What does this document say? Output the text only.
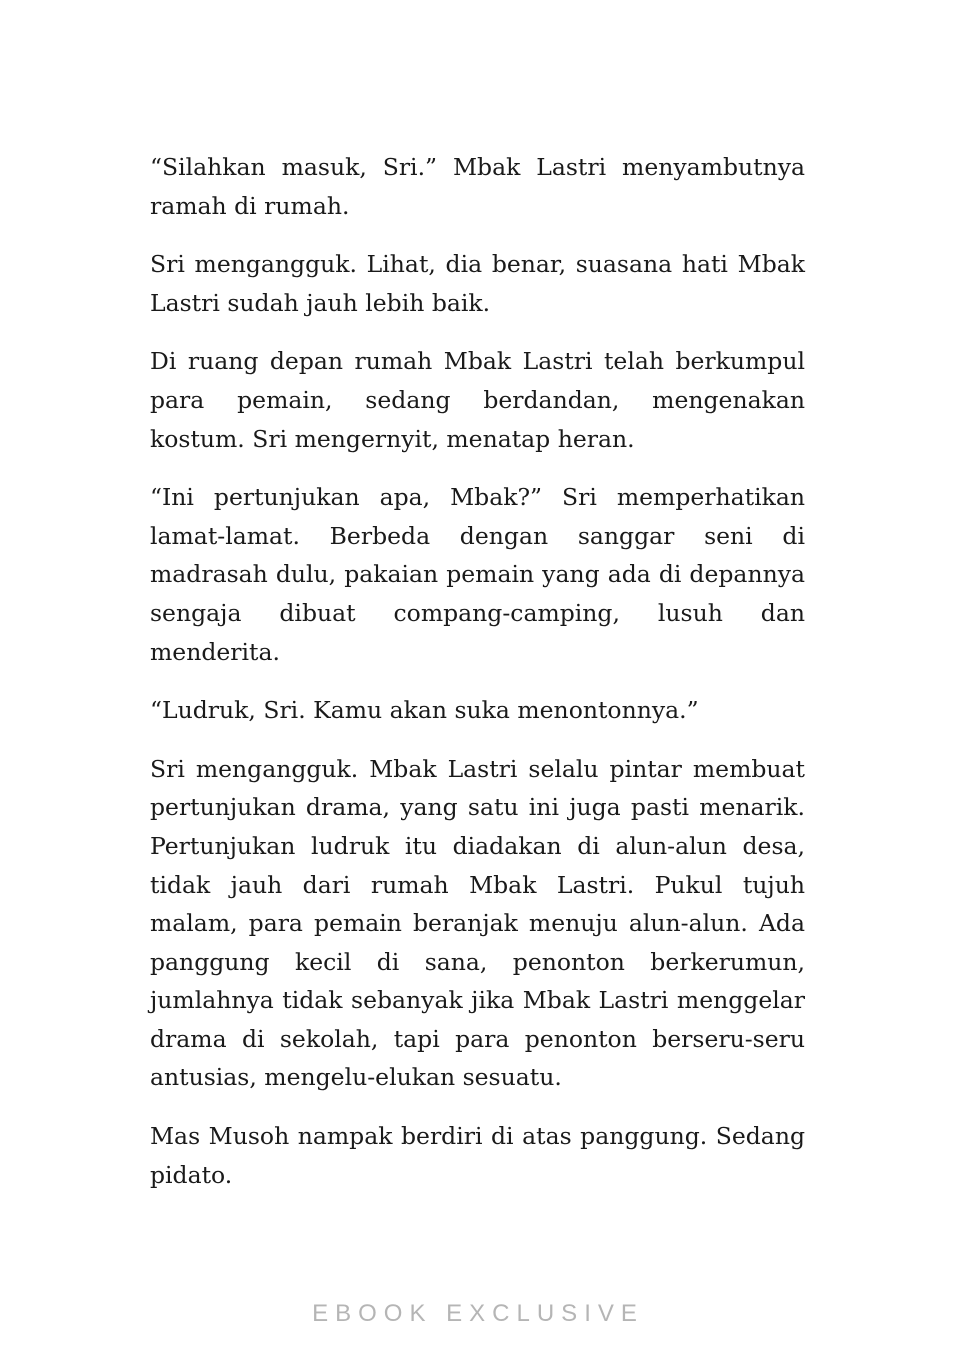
“Silahkan masuk, Sri.” Mbak Lastri menyambutnya ramah di rumah.

Sri mengangguk. Lihat, dia benar, suasana hati Mbak Lastri sudah jauh lebih baik.

Di ruang depan rumah Mbak Lastri telah berkumpul para pemain, sedang berdandan, mengenakan kostum. Sri mengernyit, menatap heran.

“Ini pertunjukan apa, Mbak?” Sri memperhatikan lamat-lamat. Berbeda dengan sanggar seni di madrasah dulu, pakaian pemain yang ada di depannya sengaja dibuat compang-camping, lusuh dan menderita.

“Ludruk, Sri. Kamu akan suka menontonnya.”

Sri mengangguk. Mbak Lastri selalu pintar membuat pertunjukan drama, yang satu ini juga pasti menarik. Pertunjukan ludruk itu diadakan di alun-alun desa, tidak jauh dari rumah Mbak Lastri. Pukul tujuh malam, para pemain beranjak menuju alun-alun. Ada panggung kecil di sana, penonton berkerumun, jumlahnya tidak sebanyak jika Mbak Lastri menggelar drama di sekolah, tapi para penonton berseru-seru antusias, mengelu-elukan sesuatu.

Mas Musoh nampak berdiri di atas panggung. Sedang pidato.

EBOOK EXCLUSIVE
